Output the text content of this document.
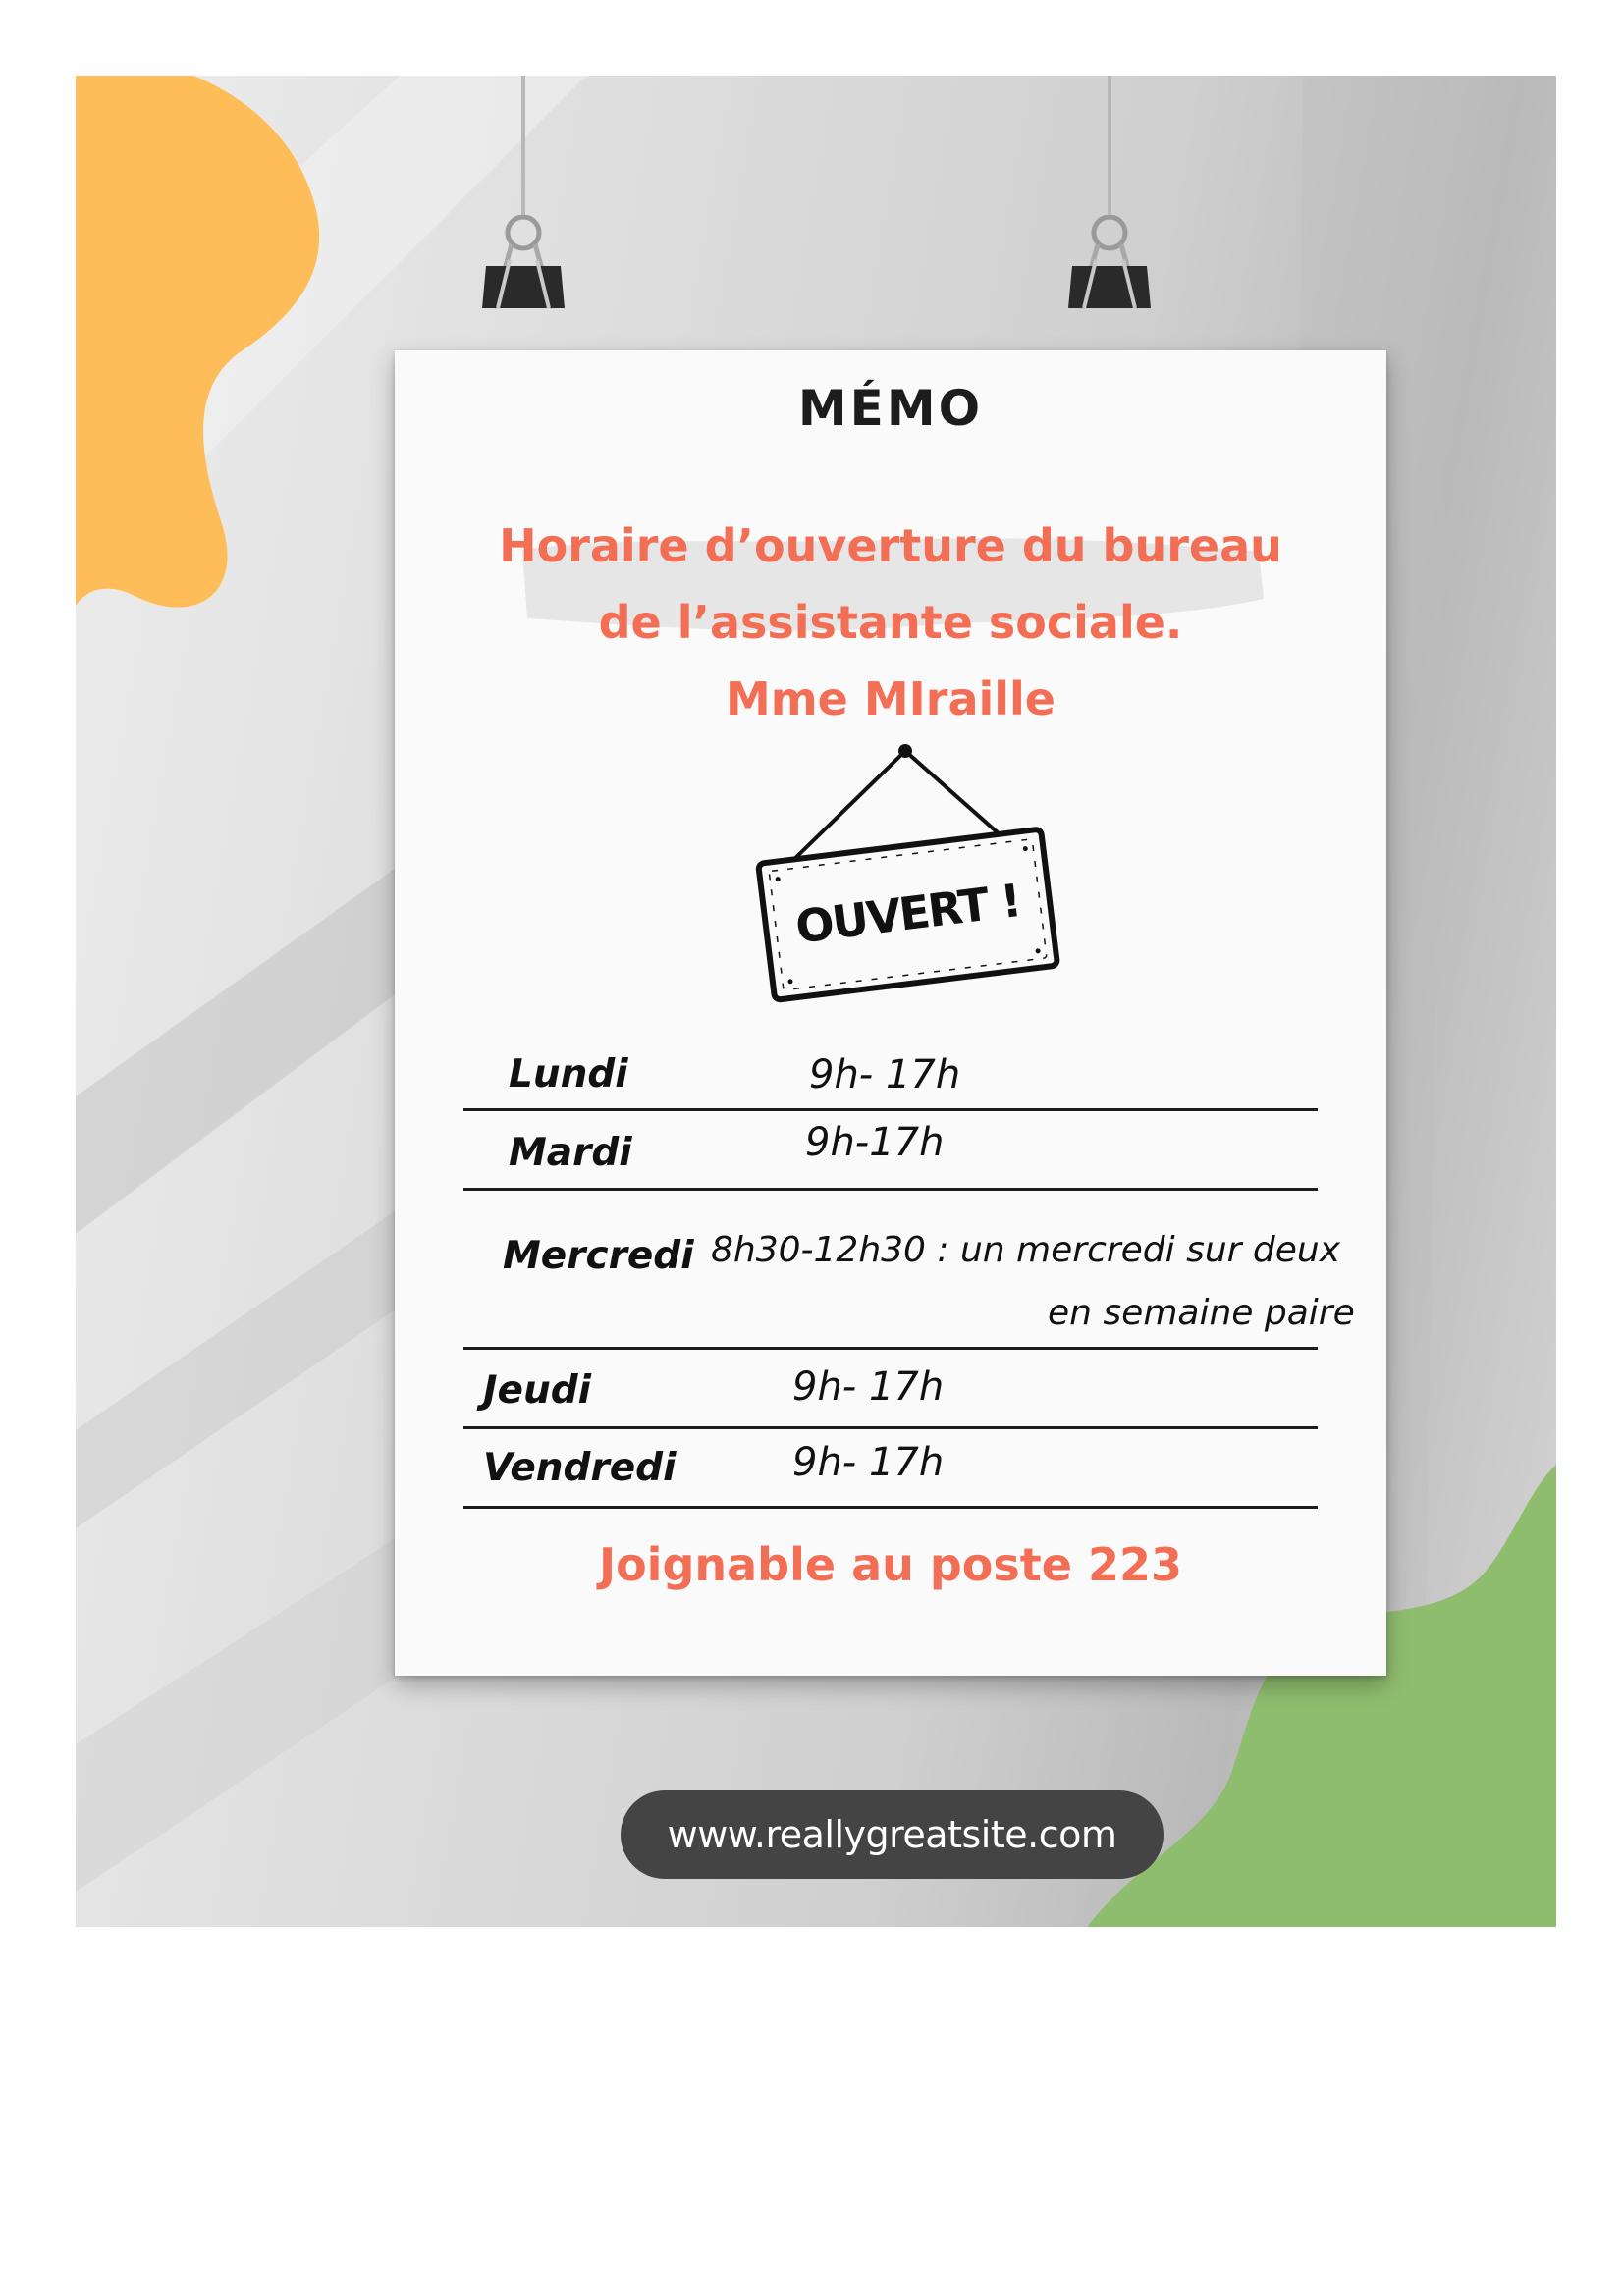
MÉMO
Horaire d’ouverture du bureau
de l’assistante sociale.
Mme MIraille
OUVERT !
Lundi	9h- 17h
Mardi	9h-17h
Mercredi 8h30-12h30 : un mercredi sur deux
en semaine paire
Jeudi	9h- 17h
Vendredi	9h- 17h
Joignable au poste 223
www.reallygreatsite.com
